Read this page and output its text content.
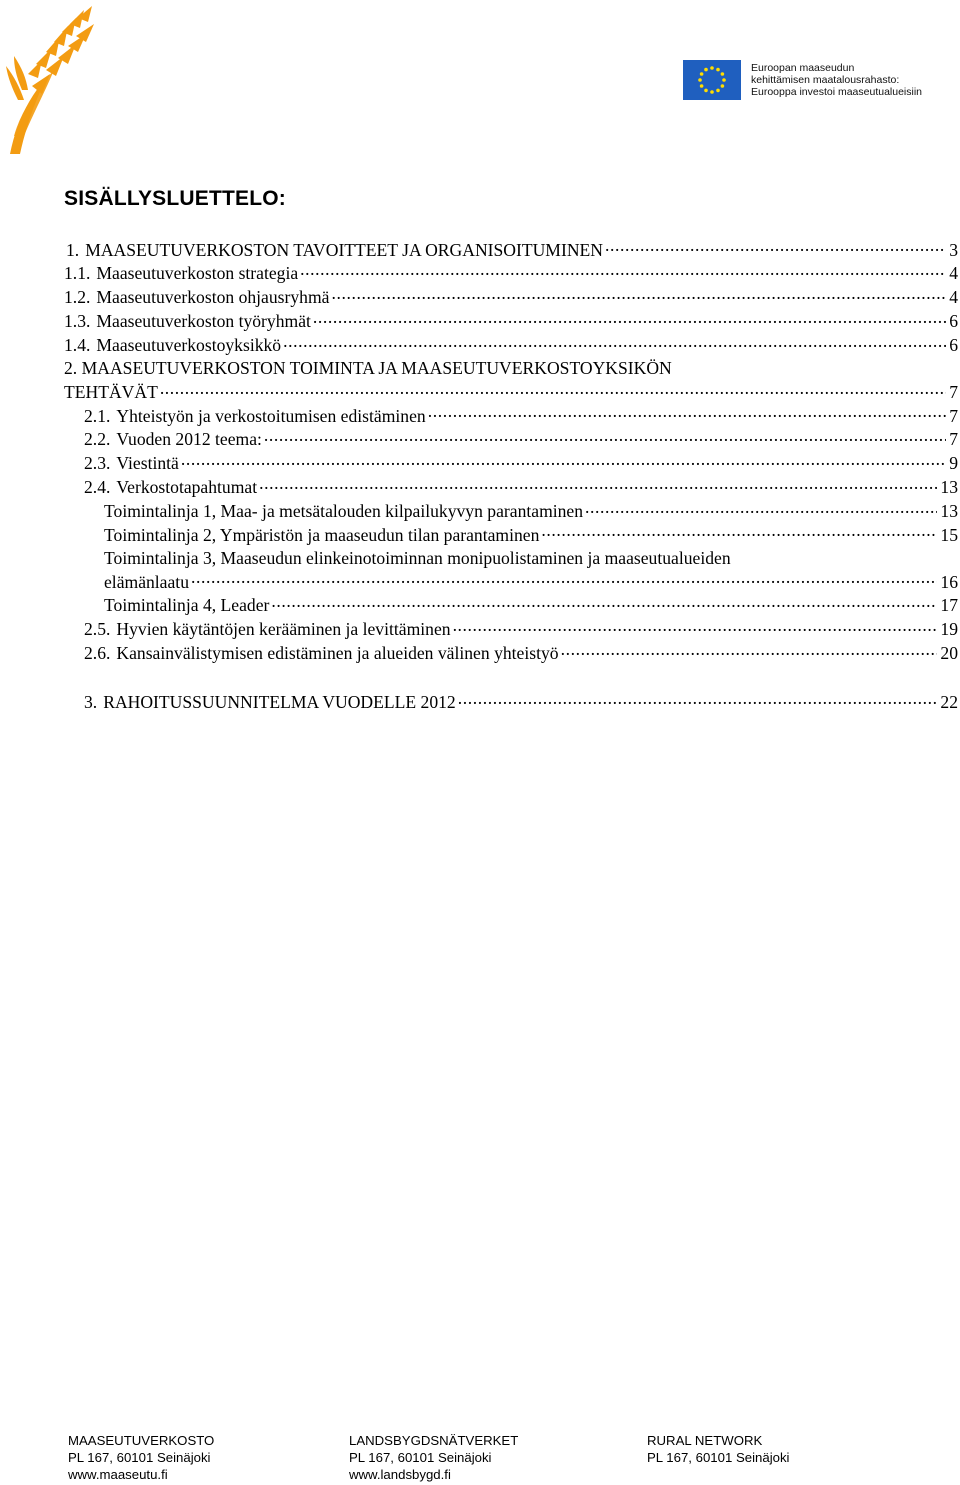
Euroopan maaseudun
kehittämisen maatalousrahasto:
Eurooppa investoi maaseutualueisiin
SISÄLLYSLUETTELO:
1. MAASEUTUVERKOSTON TAVOITTEET JA ORGANISOITUMINEN .....	3
1.1. Maaseutuverkoston strategia .....	4
1.2. Maaseutuverkoston ohjausryhmä .....	4
1.3. Maaseutuverkoston työryhmät .....	6
1.4. Maaseutuverkostoyksikkö .....	6
2. MAASEUTUVERKOSTON TOIMINTA JA MAASEUTUVERKOSTOYKSIKÖN
TEHTÄVÄT .....	7
2.1. Yhteistyön ja verkostoitumisen edistäminen .....	7
2.2. Vuoden 2012 teema: .....	7
2.3. Viestintä .....	9
2.4. Verkostotapahtumat .....	13
Toimintalinja 1, Maa- ja metsätalouden kilpailukyvyn parantaminen .....	13
Toimintalinja 2, Ympäristön ja maaseudun tilan parantaminen .....	15
Toimintalinja 3, Maaseudun elinkeinotoiminnan monipuolistaminen ja maaseutualueiden
elämänlaatu .....	16
Toimintalinja 4, Leader .....	17
2.5. Hyvien käytäntöjen kerääminen ja levittäminen .....	19
2.6. Kansainvälistymisen edistäminen ja alueiden välinen yhteistyö .....	20
3. RAHOITUSSUUNNITELMA VUODELLE 2012 .....	22
MAASEUTUVERKOSTO
PL 167, 60101 Seinäjoki
www.maaseutu.fi
LANDSBYGDSNÄTVERKET
PL 167, 60101 Seinäjoki
www.landsbygd.fi
RURAL NETWORK
PL 167, 60101 Seinäjoki
